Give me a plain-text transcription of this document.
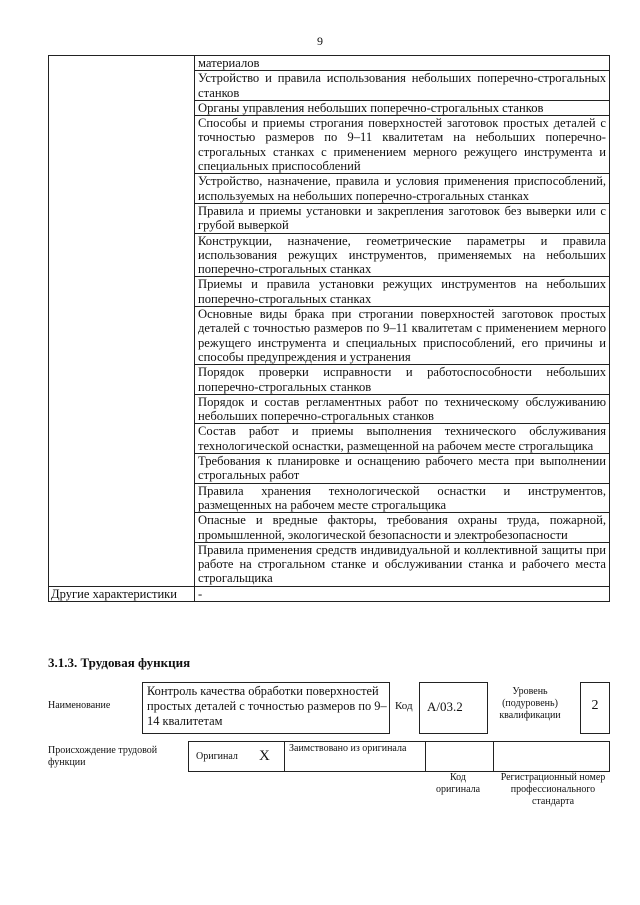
9
	материалов
	Устройство и правила использования небольших поперечно-строгальных станков
	Органы управления небольших поперечно-строгальных станков
	Способы и приемы строгания поверхностей заготовок простых деталей с точностью размеров по 9–11 квалитетам на небольших поперечно-строгальных станках с применением мерного режущего инструмента и специальных приспособлений
	Устройство, назначение, правила и условия применения приспособлений, используемых на небольших поперечно-строгальных станках
	Правила и приемы установки и закрепления заготовок без выверки или с грубой выверкой
	Конструкции, назначение, геометрические параметры и правила использования режущих инструментов, применяемых на небольших поперечно-строгальных станках
	Приемы и правила установки режущих инструментов на небольших поперечно-строгальных станках
	Основные виды брака при строгании поверхностей заготовок простых деталей с точностью размеров по 9–11 квалитетам с применением мерного режущего инструмента и специальных приспособлений, его причины и способы предупреждения и устранения
	Порядок проверки исправности и работоспособности небольших поперечно-строгальных станков
	Порядок и состав регламентных работ по техническому обслуживанию небольших поперечно-строгальных станков
	Состав работ и приемы выполнения технического обслуживания технологической оснастки, размещенной на рабочем месте строгальщика
	Требования к планировке и оснащению рабочего места при выполнении строгальных работ
	Правила хранения технологической оснастки и инструментов, размещенных на рабочем месте строгальщика
	Опасные и вредные факторы, требования охраны труда, пожарной, промышленной, экологической безопасности и электробезопасности
	Правила применения средств индивидуальной и коллективной защиты при работе на строгальном станке и обслуживании станка и рабочего места строгальщика
Другие характеристики	-
3.1.3. Трудовая функция
Наименование
Контроль качества обработки поверхностей простых деталей с точностью размеров по 9–14 квалитетам
Код А/03.2
Уровень (подуровень) квалификации
2
Происхождение трудовой функции
Оригинал X Заимствовано из оригинала
Код оригинала
Регистрационный номер профессионального стандарта
